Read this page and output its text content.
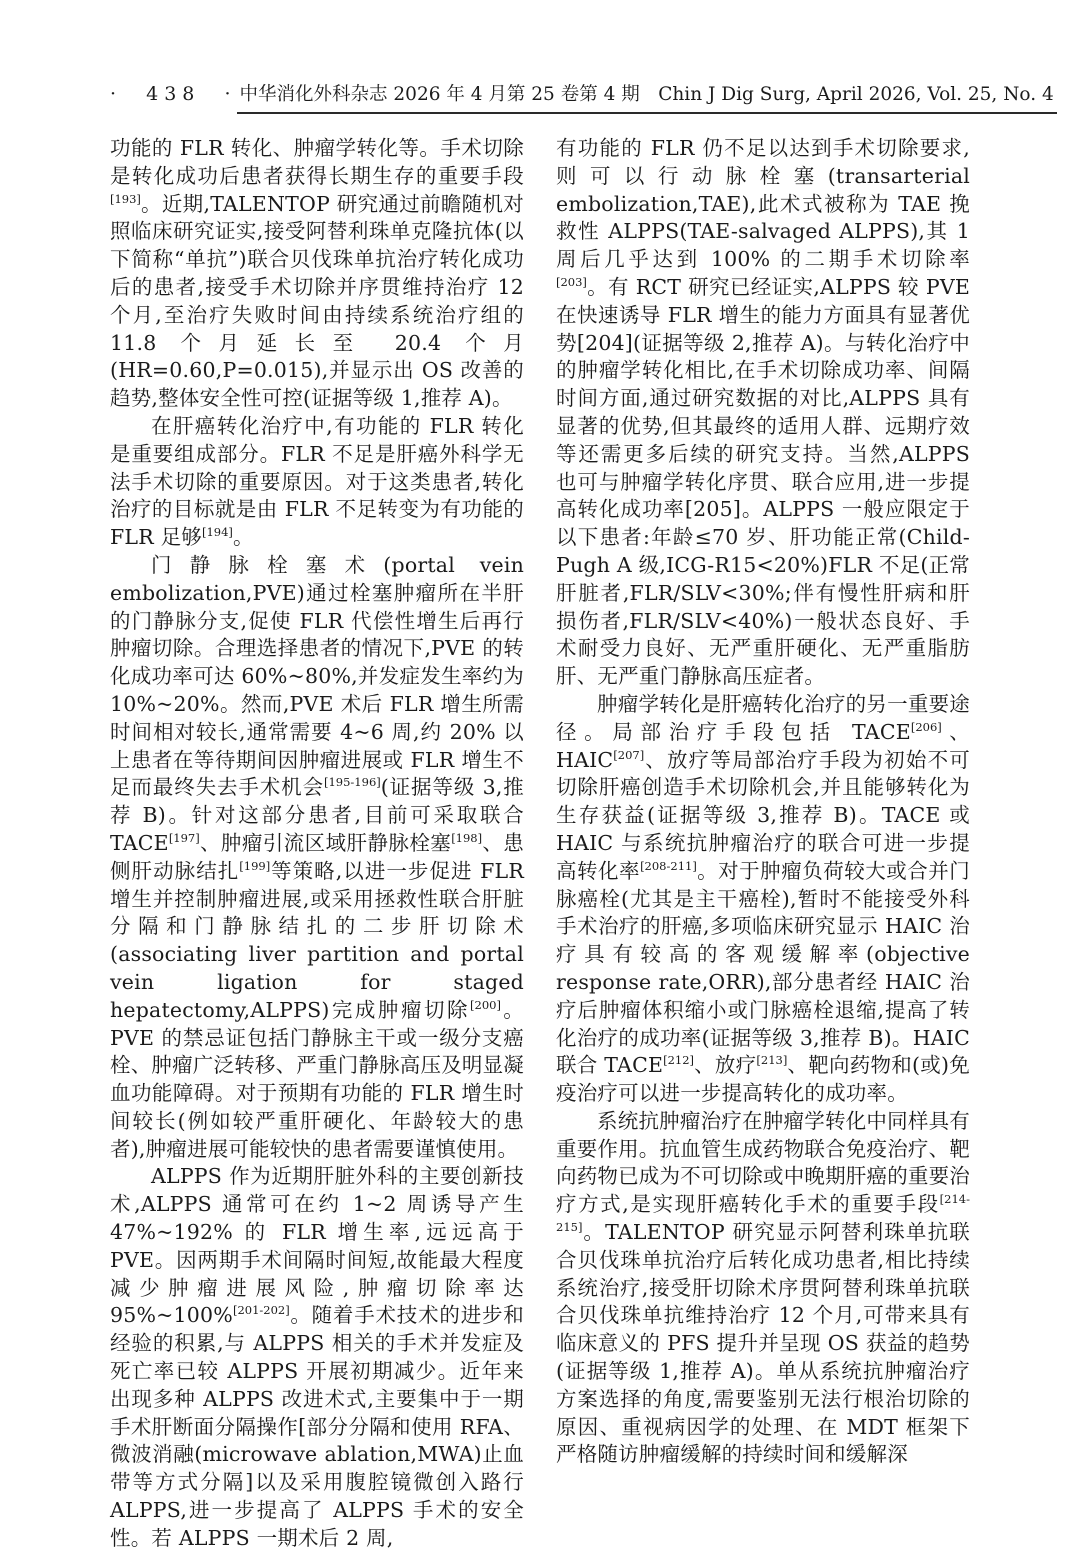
·  438  · 中华消化外科杂志 2026 年 4 月第 25 卷第 4 期　Chin J Dig Surg, April 2026, Vol. 25, No. 4

功能的 FLR 转化、肿瘤学转化等。手术切除是转化成功后患者获得长期生存的重要手段[193]。近期,TALENTOP 研究通过前瞻随机对照临床研究证实,接受阿替利珠单克隆抗体(以下简称“单抗”)联合贝伐珠单抗治疗转化成功后的患者,接受手术切除并序贯维持治疗 12 个月,至治疗失败时间由持续系统治疗组的 11.8 个月延长至 20.4 个月(HR=0.60,P=0.015),并显示出 OS 改善的趋势,整体安全性可控(证据等级 1,推荐 A)。

在肝癌转化治疗中,有功能的 FLR 转化是重要组成部分。FLR 不足是肝癌外科学无法手术切除的重要原因。对于这类患者,转化治疗的目标就是由 FLR 不足转变为有功能的 FLR 足够[194]。

门静脉栓塞术(portal vein embolization,PVE)通过栓塞肿瘤所在半肝的门静脉分支,促使 FLR 代偿性增生后再行肿瘤切除。合理选择患者的情况下,PVE 的转化成功率可达 60%~80%,并发症发生率约为 10%~20%。然而,PVE 术后 FLR 增生所需时间相对较长,通常需要 4~6 周,约 20% 以上患者在等待期间因肿瘤进展或 FLR 增生不足而最终失去手术机会[195-196](证据等级 3,推荐 B)。针对这部分患者,目前可采取联合 TACE[197]、肿瘤引流区域肝静脉栓塞[198]、患侧肝动脉结扎[199]等策略,以进一步促进 FLR 增生并控制肿瘤进展,或采用拯救性联合肝脏分隔和门静脉结扎的二步肝切除术(associating liver partition and portal vein ligation for staged hepatectomy,ALPPS)完成肿瘤切除[200]。PVE 的禁忌证包括门静脉主干或一级分支癌栓、肿瘤广泛转移、严重门静脉高压及明显凝血功能障碍。对于预期有功能的 FLR 增生时间较长(例如较严重肝硬化、年龄较大的患者),肿瘤进展可能较快的患者需要谨慎使用。

ALPPS 作为近期肝脏外科的主要创新技术,ALPPS 通常可在约 1~2 周诱导产生 47%~192% 的 FLR 增生率,远远高于 PVE。因两期手术间隔时间短,故能最大程度减少肿瘤进展风险,肿瘤切除率达 95%~100%[201-202]。随着手术技术的进步和经验的积累,与 ALPPS 相关的手术并发症及死亡率已较 ALPPS 开展初期减少。近年来出现多种 ALPPS 改进术式,主要集中于一期手术肝断面分隔操作[部分分隔和使用 RFA、微波消融(microwave ablation,MWA)止血带等方式分隔]以及采用腹腔镜微创入路行 ALPPS,进一步提高了 ALPPS 手术的安全性。若 ALPPS 一期术后 2 周,

有功能的 FLR 仍不足以达到手术切除要求,则可以行动脉栓塞(transarterial embolization,TAE),此术式被称为 TAE 挽救性 ALPPS(TAE-salvaged ALPPS),其 1 周后几乎达到 100% 的二期手术切除率[203]。有 RCT 研究已经证实,ALPPS 较 PVE 在快速诱导 FLR 增生的能力方面具有显著优势[204](证据等级 2,推荐 A)。与转化治疗中的肿瘤学转化相比,在手术切除成功率、间隔时间方面,通过研究数据的对比,ALPPS 具有显著的优势,但其最终的适用人群、远期疗效等还需更多后续的研究支持。当然,ALPPS 也可与肿瘤学转化序贯、联合应用,进一步提高转化成功率[205]。ALPPS 一般应限定于以下患者:年龄≤70 岁、肝功能正常(Child-Pugh A 级,ICG-R15<20%)FLR 不足(正常肝脏者,FLR/SLV<30%;伴有慢性肝病和肝损伤者,FLR/SLV<40%)一般状态良好、手术耐受力良好、无严重肝硬化、无严重脂肪肝、无严重门静脉高压症者。

肿瘤学转化是肝癌转化治疗的另一重要途径。局部治疗手段包括 TACE[206]、HAIC[207]、放疗等局部治疗手段为初始不可切除肝癌创造手术切除机会,并且能够转化为生存获益(证据等级 3,推荐 B)。TACE 或 HAIC 与系统抗肿瘤治疗的联合可进一步提高转化率[208-211]。对于肿瘤负荷较大或合并门脉癌栓(尤其是主干癌栓),暂时不能接受外科手术治疗的肝癌,多项临床研究显示 HAIC 治疗具有较高的客观缓解率(objective response rate,ORR),部分患者经 HAIC 治疗后肿瘤体积缩小或门脉癌栓退缩,提高了转化治疗的成功率(证据等级 3,推荐 B)。HAIC 联合 TACE[212]、放疗[213]、靶向药物和(或)免疫治疗可以进一步提高转化的成功率。

系统抗肿瘤治疗在肿瘤学转化中同样具有重要作用。抗血管生成药物联合免疫治疗、靶向药物已成为不可切除或中晚期肝癌的重要治疗方式,是实现肝癌转化手术的重要手段[214-215]。TALENTOP 研究显示阿替利珠单抗联合贝伐珠单抗治疗后转化成功患者,相比持续系统治疗,接受肝切除术序贯阿替利珠单抗联合贝伐珠单抗维持治疗 12 个月,可带来具有临床意义的 PFS 提升并呈现 OS 获益的趋势(证据等级 1,推荐 A)。单从系统抗肿瘤治疗方案选择的角度,需要鉴别无法行根治切除的原因、重视病因学的处理、在 MDT 框架下严格随访肿瘤缓解的持续时间和缓解深
